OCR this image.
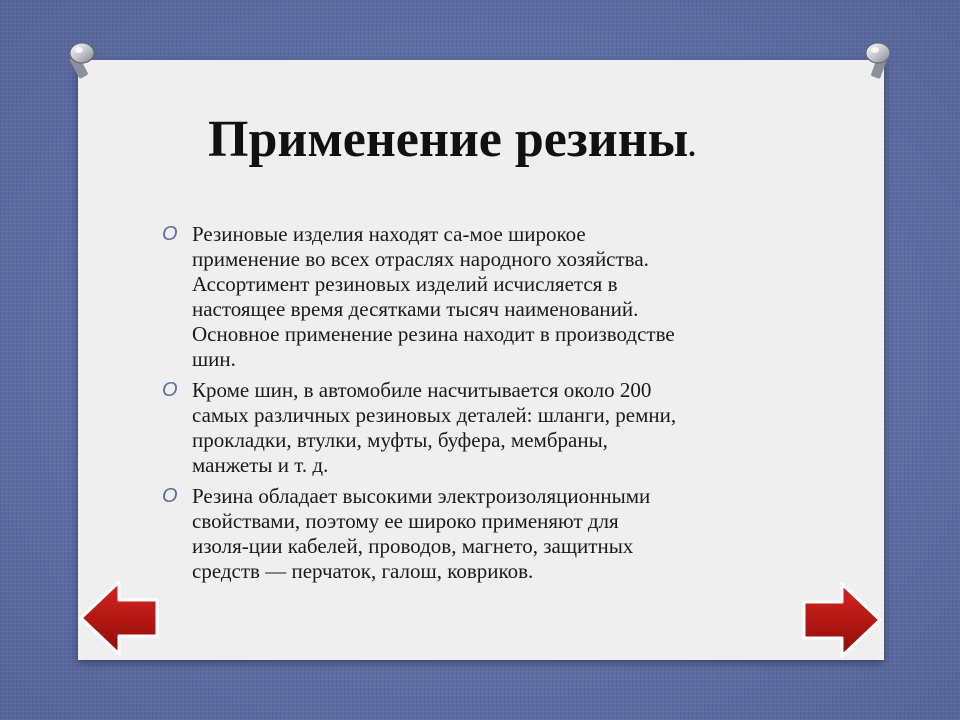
Применение резины.
O Резиновые изделия находят са-мое широкое
применение во всех отраслях народного хозяйства.
Ассортимент резиновых изделий исчисляется в
настоящее время десятками тысяч наименований.
Основное применение резина находит в производстве
шин.

O Кроме шин, в автомобиле насчитывается около 200
самых различных резиновых деталей: шланги, ремни,
прокладки, втулки, муфты, буфера, мембраны,
манжеты и т. д.

O Резина обладает высокими электроизоляционными
свойствами, поэтому ее широко применяют для
изоля-ции кабелей, проводов, магнето, защитных
средств — перчаток, галош, ковриков.
